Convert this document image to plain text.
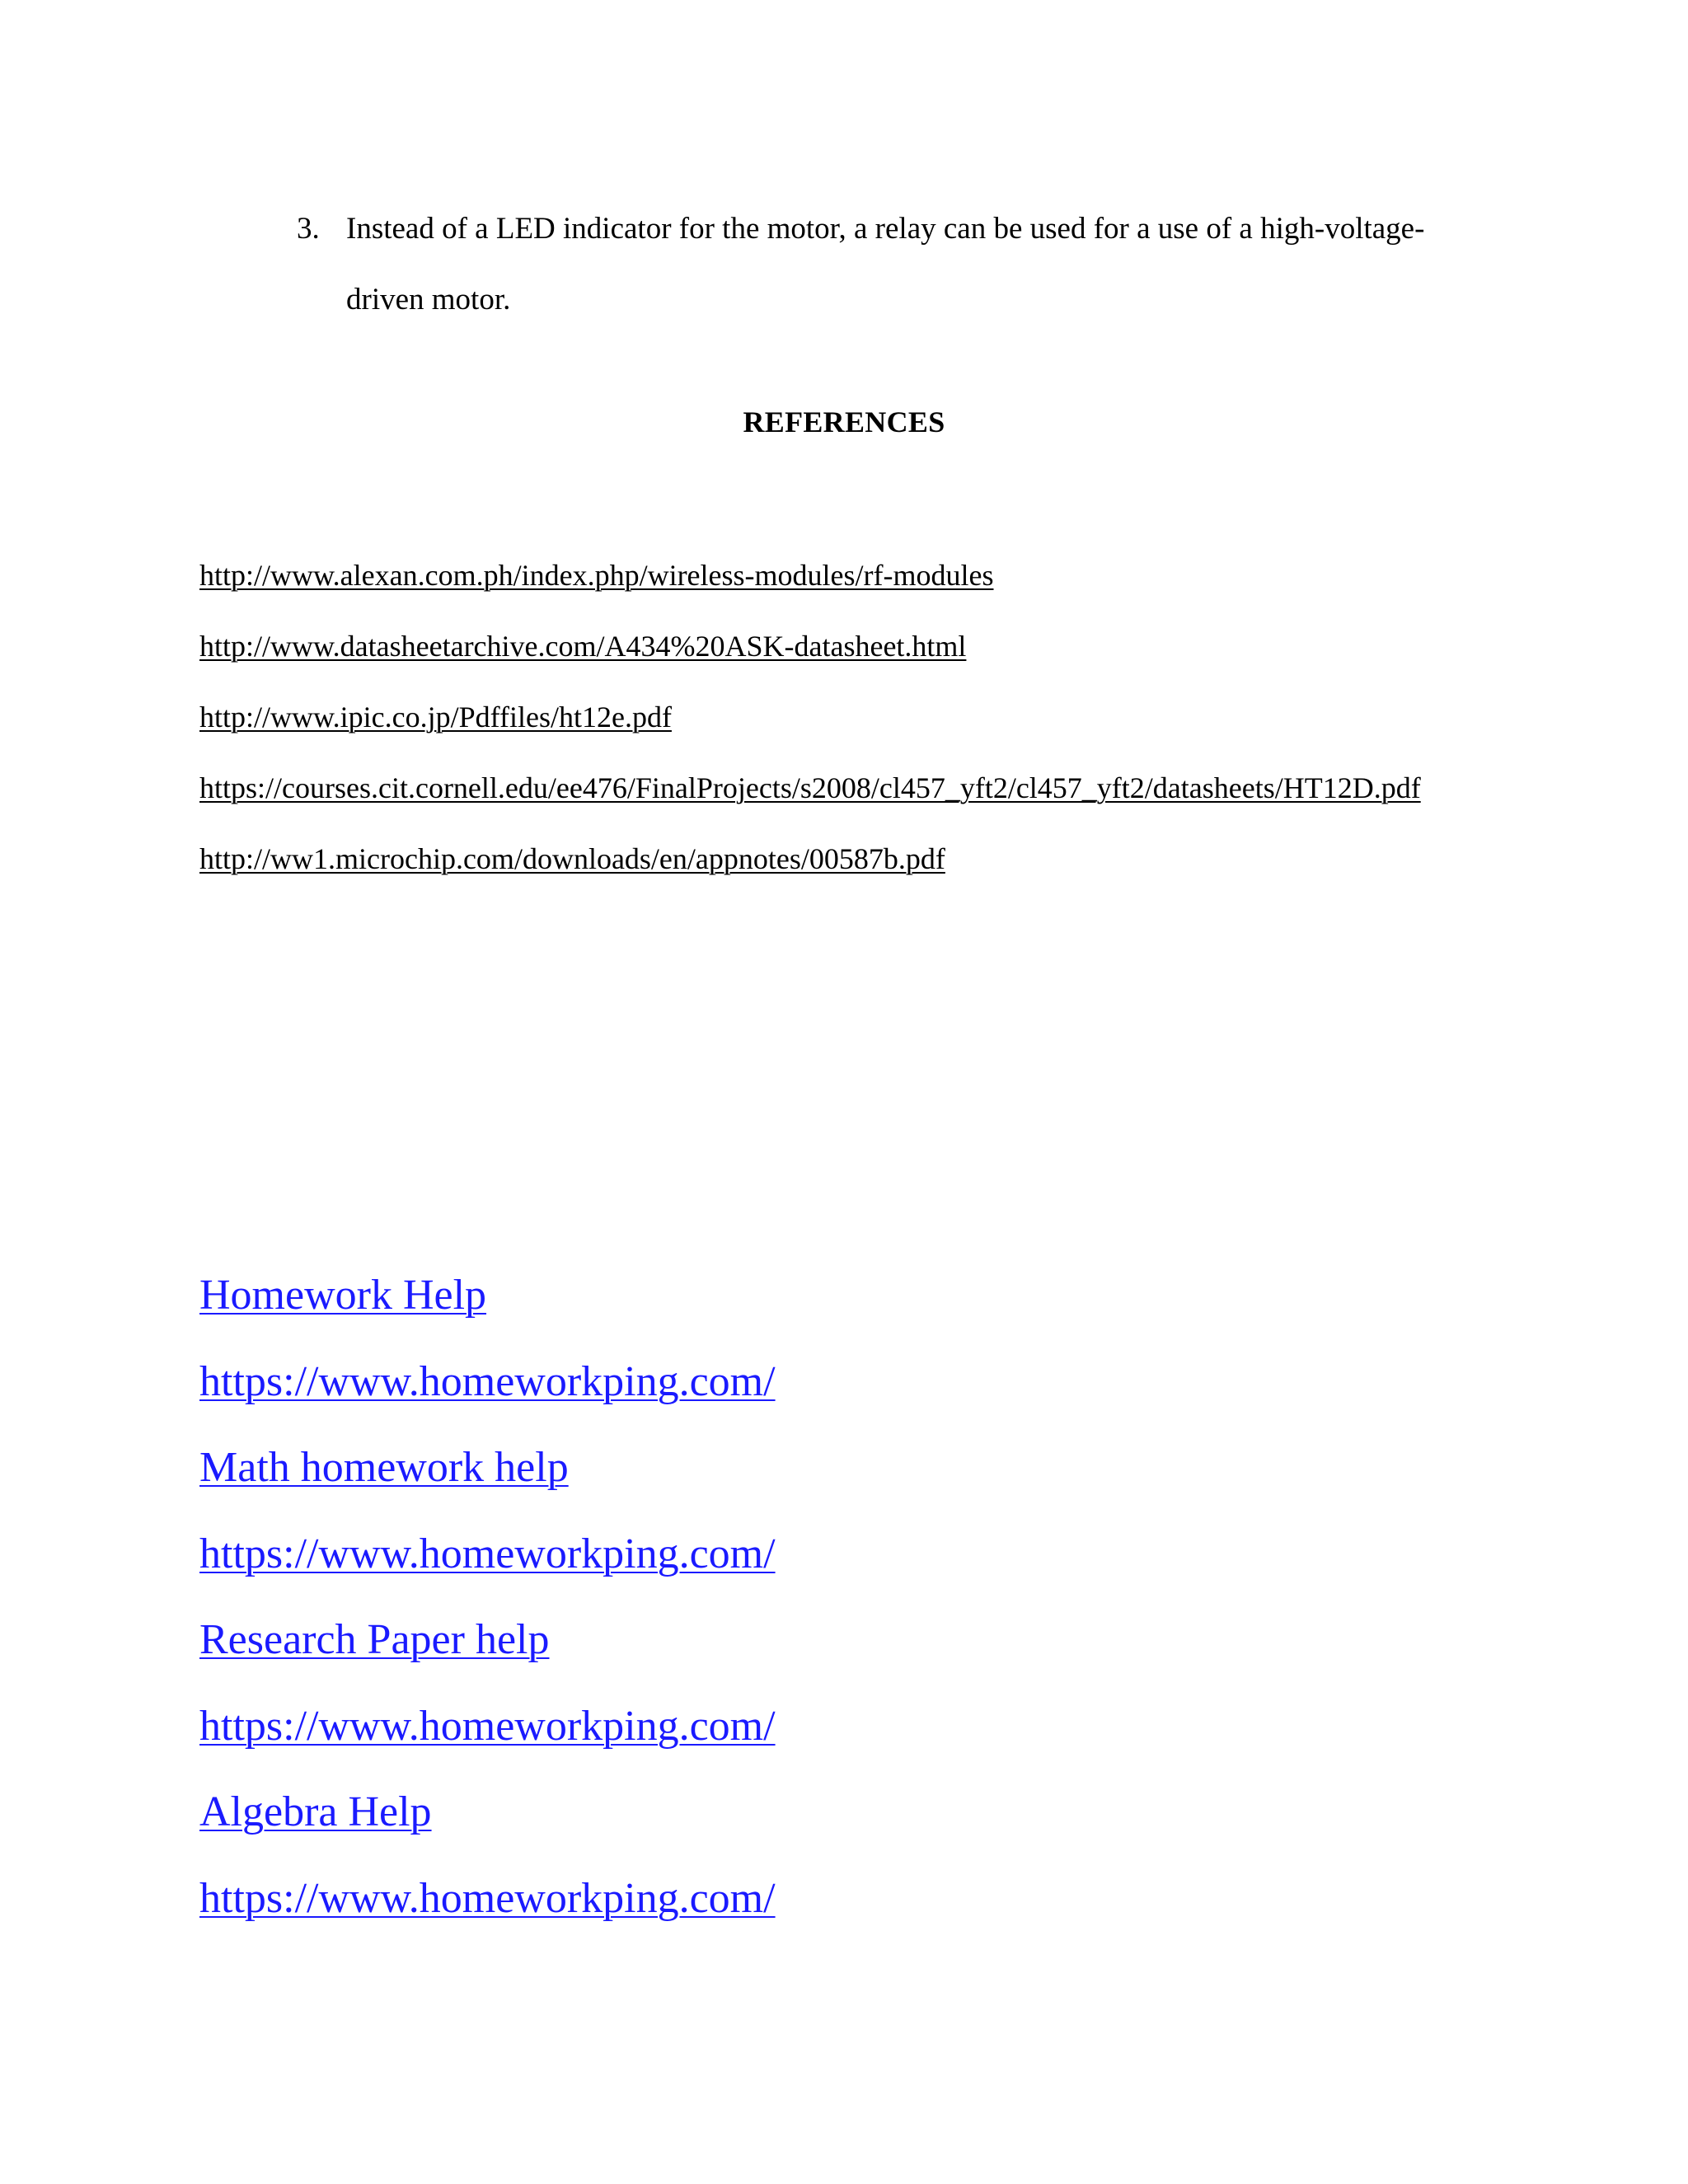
3. Instead of a LED indicator for the motor, a relay can be used for a use of a high-voltage-driven motor.
REFERENCES
http://www.alexan.com.ph/index.php/wireless-modules/rf-modules
http://www.datasheetarchive.com/A434%20ASK-datasheet.html
http://www.ipic.co.jp/Pdffiles/ht12e.pdf
https://courses.cit.cornell.edu/ee476/FinalProjects/s2008/cl457_yft2/cl457_yft2/datasheets/HT12D.pdf
http://ww1.microchip.com/downloads/en/appnotes/00587b.pdf
Homework Help
https://www.homeworkping.com/
Math homework help
https://www.homeworkping.com/
Research Paper help
https://www.homeworkping.com/
Algebra Help
https://www.homeworkping.com/
